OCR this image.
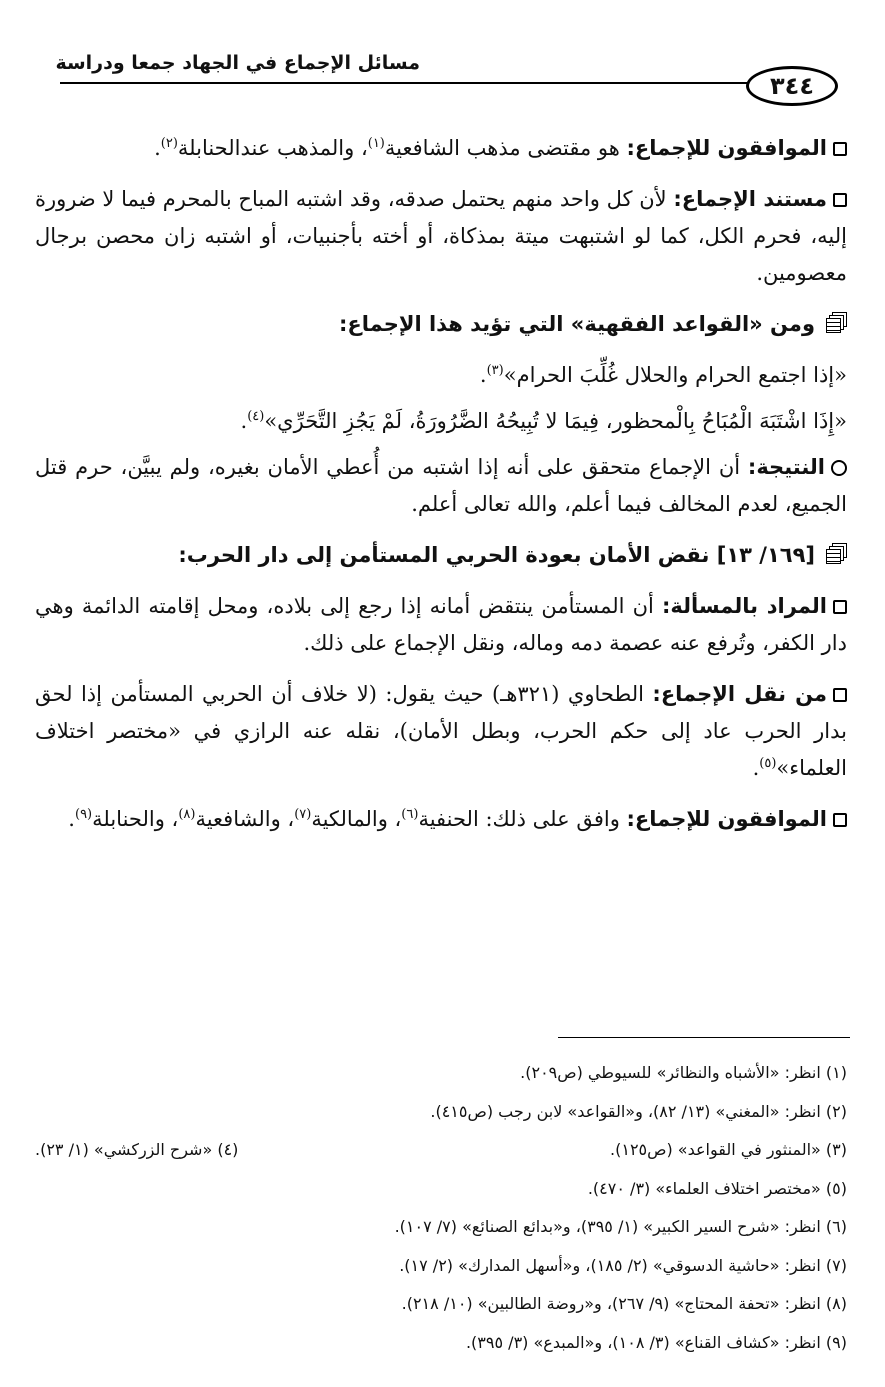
مسائل الإجماع في الجهاد جمعا ودراسة
٣٤٤

الموافقون للإجماع: هو مقتضى مذهب الشافعية$^{(١)}$، والمذهب عندالحنابلة$^{(٢)}$.

مستند الإجماع: لأن كل واحد منهم يحتمل صدقه، وقد اشتبه المباح بالمحرم فيما لا ضرورة إليه، فحرم الكل، كما لو اشتبهت ميتة بمذكاة، أو أخته بأجنبيات، أو اشتبه زان محصن برجال معصومين.

ومن «القواعد الفقهية» التي تؤيد هذا الإجماع:

«إذا اجتمع الحرام والحلال غُلِّبَ الحرام»$^{(٣)}$.

«إِذَا اشْتَبَهَ الْمُبَاحُ بِالْمحظور، فِيمَا لا تُبِيحُهُ الضَّرُورَةُ، لَمْ يَجُزِ التَّحَرِّي»$^{(٤)}$.

النتيجة: أن الإجماع متحقق على أنه إذا اشتبه من أُعطي الأمان بغيره، ولم يبيَّن، حرم قتل الجميع، لعدم المخالف فيما أعلم، والله تعالى أعلم.

[١٦٩/ ١٣] نقض الأمان بعودة الحربي المستأمن إلى دار الحرب:

المراد بالمسألة: أن المستأمن ينتقض أمانه إذا رجع إلى بلاده، ومحل إقامته الدائمة وهي دار الكفر، وتُرفع عنه عصمة دمه وماله، ونقل الإجماع على ذلك.

من نقل الإجماع: الطحاوي (٣٢١هـ) حيث يقول: (لا خلاف أن الحربي المستأمن إذا لحق بدار الحرب عاد إلى حكم الحرب، وبطل الأمان)، نقله عنه الرازي في «مختصر اختلاف العلماء»$^{(٥)}$.

الموافقون للإجماع: وافق على ذلك: الحنفية$^{(٦)}$، والمالكية$^{(٧)}$، والشافعية$^{(٨)}$، والحنابلة$^{(٩)}$.

(١) انظر: «الأشباه والنظائر» للسيوطي (ص٢٠٩).
(٢) انظر: «المغني» (١٣/ ٨٢)، و«القواعد» لابن رجب (ص٤١٥).
(٣) «المنثور في القواعد» (ص١٢٥).
(٤) «شرح الزركشي» (١/ ٢٣).
(٥) «مختصر اختلاف العلماء» (٣/ ٤٧٠).
(٦) انظر: «شرح السير الكبير» (١/ ٣٩٥)، و«بدائع الصنائع» (٧/ ١٠٧).
(٧) انظر: «حاشية الدسوقي» (٢/ ١٨٥)، و«أسهل المدارك» (٢/ ١٧).
(٨) انظر: «تحفة المحتاج» (٩/ ٢٦٧)، و«روضة الطالبين» (١٠/ ٢١٨).
(٩) انظر: «كشاف القناع» (٣/ ١٠٨)، و«المبدع» (٣/ ٣٩٥).
